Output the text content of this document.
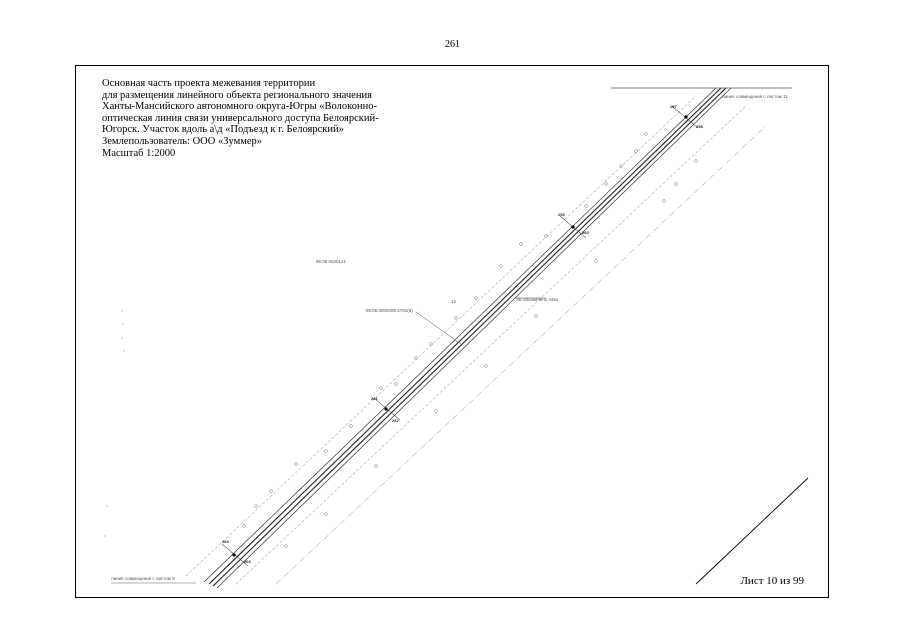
261
86:06:0020121
86:06:0000000:2791(9)
ЗВ обозначено 44вз
линия совмещения с листом 11
линия совмещения с листом 9
12
257
258
259
260
261
262
263
264
Основная часть проекта межевания территории
для размещения линейного объекта регионального значения
Ханты-Мансийского автономного округа-Югры «Волоконно-
оптическая линия связи универсального доступа Белоярский-
Югорск. Участок вдоль а\д «Подъезд к г. Белоярский»
Землепользователь: ООО «Зуммер»
Масштаб 1:2000
Лист 10 из 99
